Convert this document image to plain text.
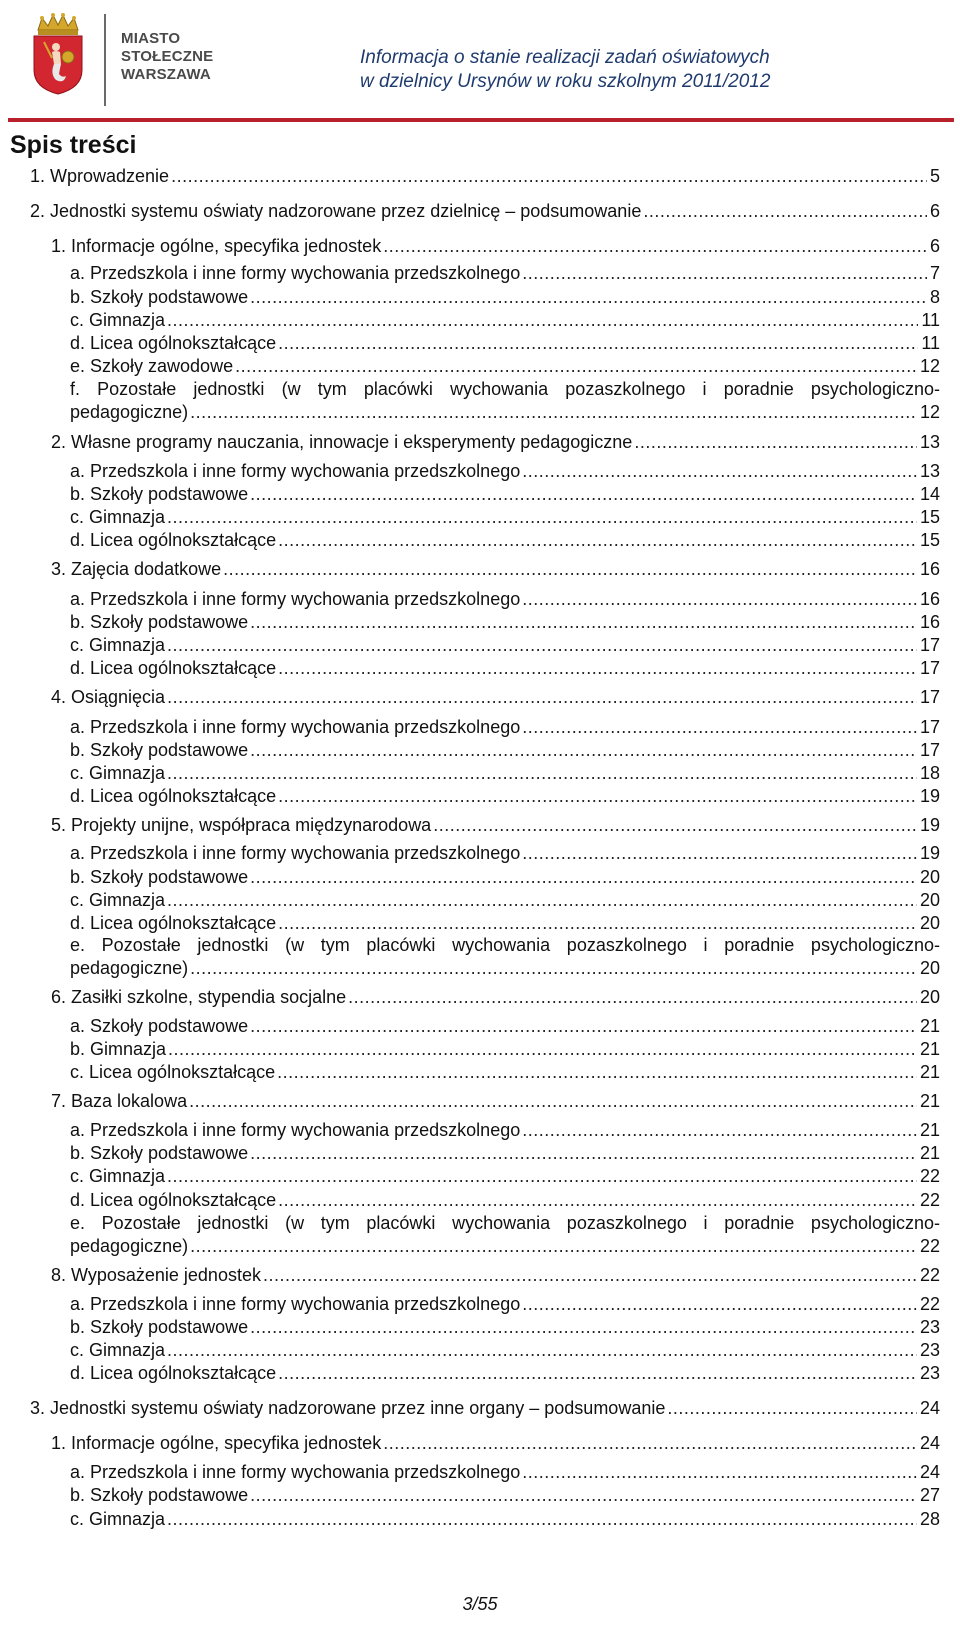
MIASTO
STOŁECZNE
WARSZAWA
Informacja o stanie realizacji zadań oświatowych
w dzielnicy Ursynów w roku szkolnym 2011/2012
Spis treści
1. Wprowadzenie .....	5
2. Jednostki systemu oświaty nadzorowane przez dzielnicę – podsumowanie .....	6
1. Informacje ogólne, specyfika jednostek .....	6
a. Przedszkola i inne formy wychowania przedszkolnego .....	7
b. Szkoły podstawowe .....	8
c. Gimnazja .....	11
d. Licea ogólnokształcące .....	11
e. Szkoły zawodowe .....	12
f. Pozostałe jednostki (w tym placówki wychowania pozaszkolnego i poradnie psychologiczno-
pedagogiczne) .....	12
2. Własne programy nauczania, innowacje i eksperymenty pedagogiczne .....	13
a. Przedszkola i inne formy wychowania przedszkolnego .....	13
b. Szkoły podstawowe .....	14
c. Gimnazja .....	15
d. Licea ogólnokształcące .....	15
3. Zajęcia dodatkowe .....	16
a. Przedszkola i inne formy wychowania przedszkolnego .....	16
b. Szkoły podstawowe .....	16
c. Gimnazja .....	17
d. Licea ogólnokształcące .....	17
4. Osiągnięcia .....	17
a. Przedszkola i inne formy wychowania przedszkolnego .....	17
b. Szkoły podstawowe .....	17
c. Gimnazja .....	18
d. Licea ogólnokształcące .....	19
5. Projekty unijne, współpraca międzynarodowa .....	19
a. Przedszkola i inne formy wychowania przedszkolnego .....	19
b. Szkoły podstawowe .....	20
c. Gimnazja .....	20
d. Licea ogólnokształcące .....	20
e. Pozostałe jednostki (w tym placówki wychowania pozaszkolnego i poradnie psychologiczno-
pedagogiczne) .....	20
6. Zasiłki szkolne, stypendia socjalne .....	20
a. Szkoły podstawowe .....	21
b. Gimnazja .....	21
c. Licea ogólnokształcące .....	21
7. Baza lokalowa .....	21
a. Przedszkola i inne formy wychowania przedszkolnego .....	21
b. Szkoły podstawowe .....	21
c. Gimnazja .....	22
d. Licea ogólnokształcące .....	22
e. Pozostałe jednostki (w tym placówki wychowania pozaszkolnego i poradnie psychologiczno-
pedagogiczne) .....	22
8. Wyposażenie jednostek .....	22
a. Przedszkola i inne formy wychowania przedszkolnego .....	22
b. Szkoły podstawowe .....	23
c. Gimnazja .....	23
d. Licea ogólnokształcące .....	23
3. Jednostki systemu oświaty nadzorowane przez inne organy – podsumowanie .....	24
1. Informacje ogólne, specyfika jednostek .....	24
a. Przedszkola i inne formy wychowania przedszkolnego .....	24
b. Szkoły podstawowe .....	27
c. Gimnazja .....	28
3/55
